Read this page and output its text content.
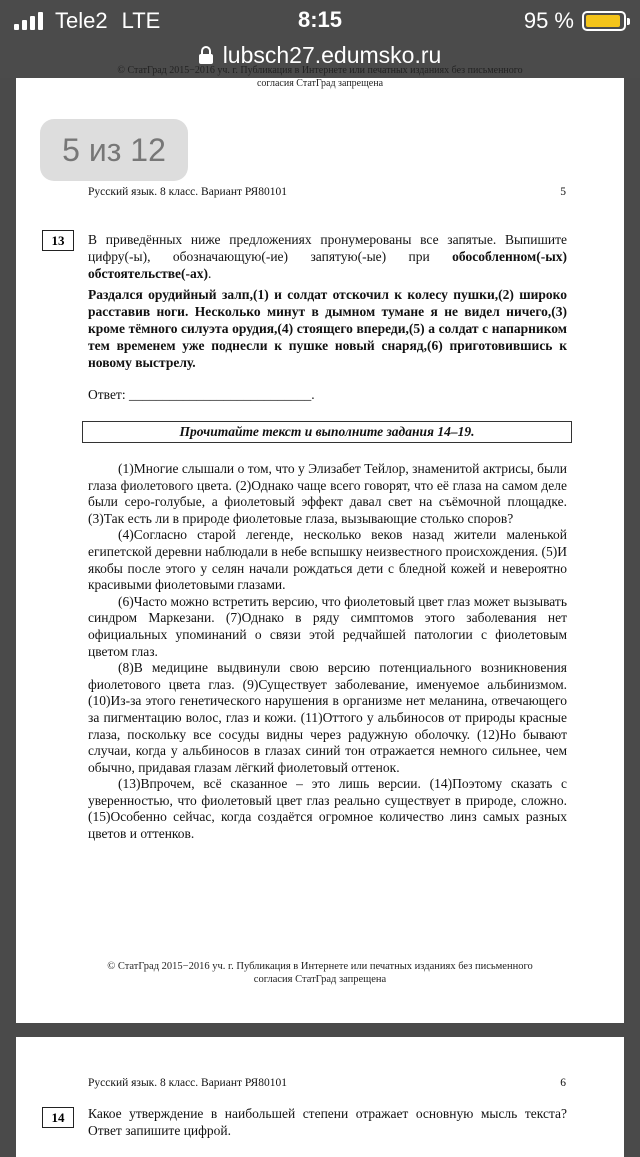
Tele2 LTE	8:15	95 %
lubsch27.edumsko.ru
© СтатГрад 2015−2016 уч. г. Публикация в Интернете или печатных изданиях без письменного
согласия СтатГрад запрещена
Русский язык. 8 класс. Вариант РЯ80101	5
13	В приведённых ниже предложениях пронумерованы все запятые. Выпишите цифру(-ы), обозначающую(-ие) запятую(-ые) при обособленном(-ых) обстоятельстве(-ах).
Раздался орудийный залп,(1) и солдат отскочил к колесу пушки,(2) широко расставив ноги. Несколько минут в дымном тумане я не видел ничего,(3) кроме тёмного силуэта орудия,(4) стоящего впереди,(5) а солдат с напарником тем временем уже поднесли к пушке новый снаряд,(6) приготовившись к новому выстрелу.
Ответ: ___________________________.
Прочитайте текст и выполните задания 14–19.

(1)Многие слышали о том, что у Элизабет Тейлор, знаменитой актрисы, были глаза фиолетового цвета. (2)Однако чаще всего говорят, что её глаза на самом деле были серо-голубые, а фиолетовый эффект давал свет на съёмочной площадке. (3)Так есть ли в природе фиолетовые глаза, вызывающие столько споров?

(4)Согласно старой легенде, несколько веков назад жители маленькой египетской деревни наблюдали в небе вспышку неизвестного происхождения. (5)И якобы после этого у селян начали рождаться дети с бледной кожей и невероятно красивыми фиолетовыми глазами.

(6)Часто можно встретить версию, что фиолетовый цвет глаз может вызывать синдром Маркезани. (7)Однако в ряду симптомов этого заболевания нет официальных упоминаний о связи этой редчайшей патологии с фиолетовым цветом глаз.

(8)В медицине выдвинули свою версию потенциального возникновения фиолетового цвета глаз. (9)Существует заболевание, именуемое альбинизмом. (10)Из-за этого генетического нарушения в организме нет меланина, отвечающего за пигментацию волос, глаз и кожи. (11)Оттого у альбиносов от природы красные глаза, поскольку все сосуды видны через радужную оболочку. (12)Но бывают случаи, когда у альбиносов в глазах синий тон отражается немного сильнее, чем обычно, придавая глазам лёгкий фиолетовый оттенок.

(13)Впрочем, всё сказанное – это лишь версии. (14)Поэтому сказать с уверенностью, что фиолетовый цвет глаз реально существует в природе, сложно. (15)Особенно сейчас, когда создаётся огромное количество линз самых разных цветов и оттенков.

© СтатГрад 2015−2016 уч. г. Публикация в Интернете или печатных изданиях без письменного
согласия СтатГрад запрещена
5 из 12
Русский язык. 8 класс. Вариант РЯ80101	6
14	Какое утверждение в наибольшей степени отражает основную мысль текста? Ответ запишите цифрой.
